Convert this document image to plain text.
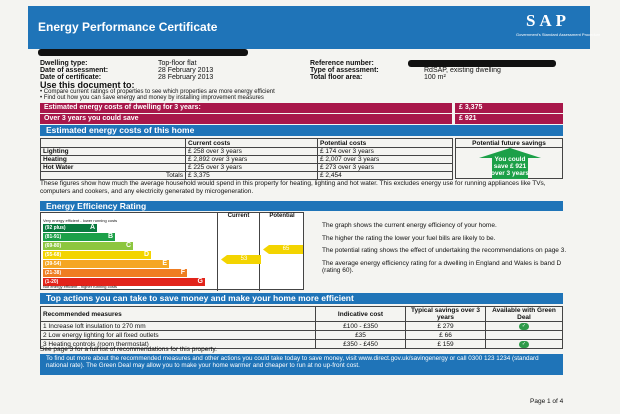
Energy Performance Certificate	SAP
Government's Standard Assessment Procedure
Dwelling type:	Top-floor flat
Date of assessment:	28 February 2013
Date of certificate:	28 February 2013
Reference number:
Type of assessment:	RdSAP, existing dwelling
Total floor area:	100 m²
Use this document to:
• Compare current ratings of properties to see which properties are more energy efficient
• Find out how you can save energy and money by installing improvement measures
Estimated energy costs of dwelling for 3 years:	£ 3,375
Over 3 years you could save	£ 921
Estimated energy costs of this home
	Current costs	Potential costs
Lighting	£ 258 over 3 years	£ 174 over 3 years
Heating	£ 2,892 over 3 years	£ 2,007 over 3 years
Hot Water	£ 225 over 3 years	£ 273 over 3 years
Totals	£ 3,375	£ 2,454
Potential future savings
You could
save £ 921
over 3 years
These figures show how much the average household would spend in this property for heating, lighting and hot water. This excludes energy use for running appliances like TVs, computers and cookers, and any electricity generated by microgeneration.
Energy Efficiency Rating
Current	Potential
Very energy efficient - lower running costs
(92 plus)	A
(81-91)	B
(69-80)	C
(55-68)	D
(39-54)	E
(21-38)	F
(1-20)	G
Not energy efficient - higher running costs
53
65

The graph shows the current energy efficiency of your home.

The higher the rating the lower your fuel bills are likely to be.

The potential rating shows the effect of undertaking the recommendations on page 3.

The average energy efficiency rating for a dwelling in England and Wales is band D (rating 60).

Top actions you can take to save money and make your home more efficient
Recommended measures	Indicative cost	Typical savings over 3 years	Available with Green Deal
1 Increase loft insulation to 270 mm	£100 - £350	£ 279	✓
2 Low energy lighting for all fixed outlets	£35	£ 66	
3 Heating controls (room thermostat)	£350 - £450	£ 159	✓
See page 3 for a full list of recommendations for this property.
To find out more about the recommended measures and other actions you could take today to save money, visit www.direct.gov.uk/savingenergy or call 0300 123 1234 (standard national rate). The Green Deal may allow you to make your home warmer and cheaper to run at no up-front cost.
Page 1 of 4
